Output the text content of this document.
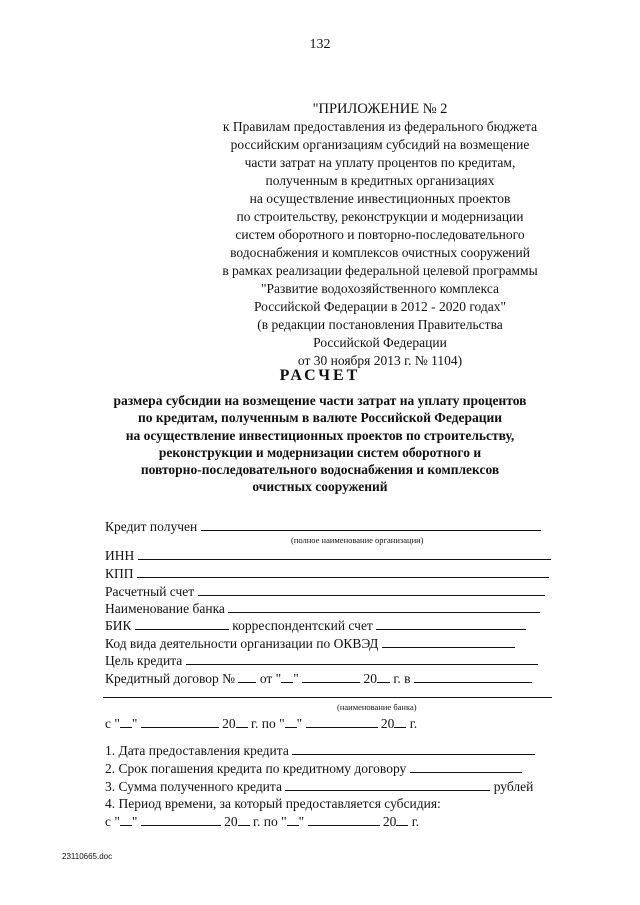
132
"ПРИЛОЖЕНИЕ № 2
к Правилам предоставления из федерального бюджета
российским организациям субсидий на возмещение
части затрат на уплату процентов по кредитам,
полученным в кредитных организациях
на осуществление инвестиционных проектов
по строительству, реконструкции и модернизации
систем оборотного и повторно-последовательного
водоснабжения и комплексов очистных сооружений
в рамках реализации федеральной целевой программы
"Развитие водохозяйственного комплекса
Российской Федерации в 2012 - 2020 годах"
(в редакции постановления Правительства
Российской Федерации
от 30 ноября 2013 г. № 1104)
РАСЧЕТ
размера субсидии на возмещение части затрат на уплату процентов
по кредитам, полученным в валюте Российской Федерации
на осуществление инвестиционных проектов по строительству,
реконструкции и модернизации систем оборотного и
повторно-последовательного водоснабжения и комплексов
очистных сооружений
Кредит получен
(полное наименование организации)
ИНН
КПП
Расчетный счет
Наименование банка
БИК	корреспондентский счет
Код вида деятельности организации по ОКВЭД
Цель кредита
Кредитный договор № от " "	20 г. в
(наименование банка)
с " "	20 г. по " "	20 г.
1. Дата предоставления кредита
2. Срок погашения кредита по кредитному договору
3. Сумма полученного кредита	рублей
4. Период времени, за который предоставляется субсидия:
с " "	20 г. по " "	20 г.
23110665.doc
